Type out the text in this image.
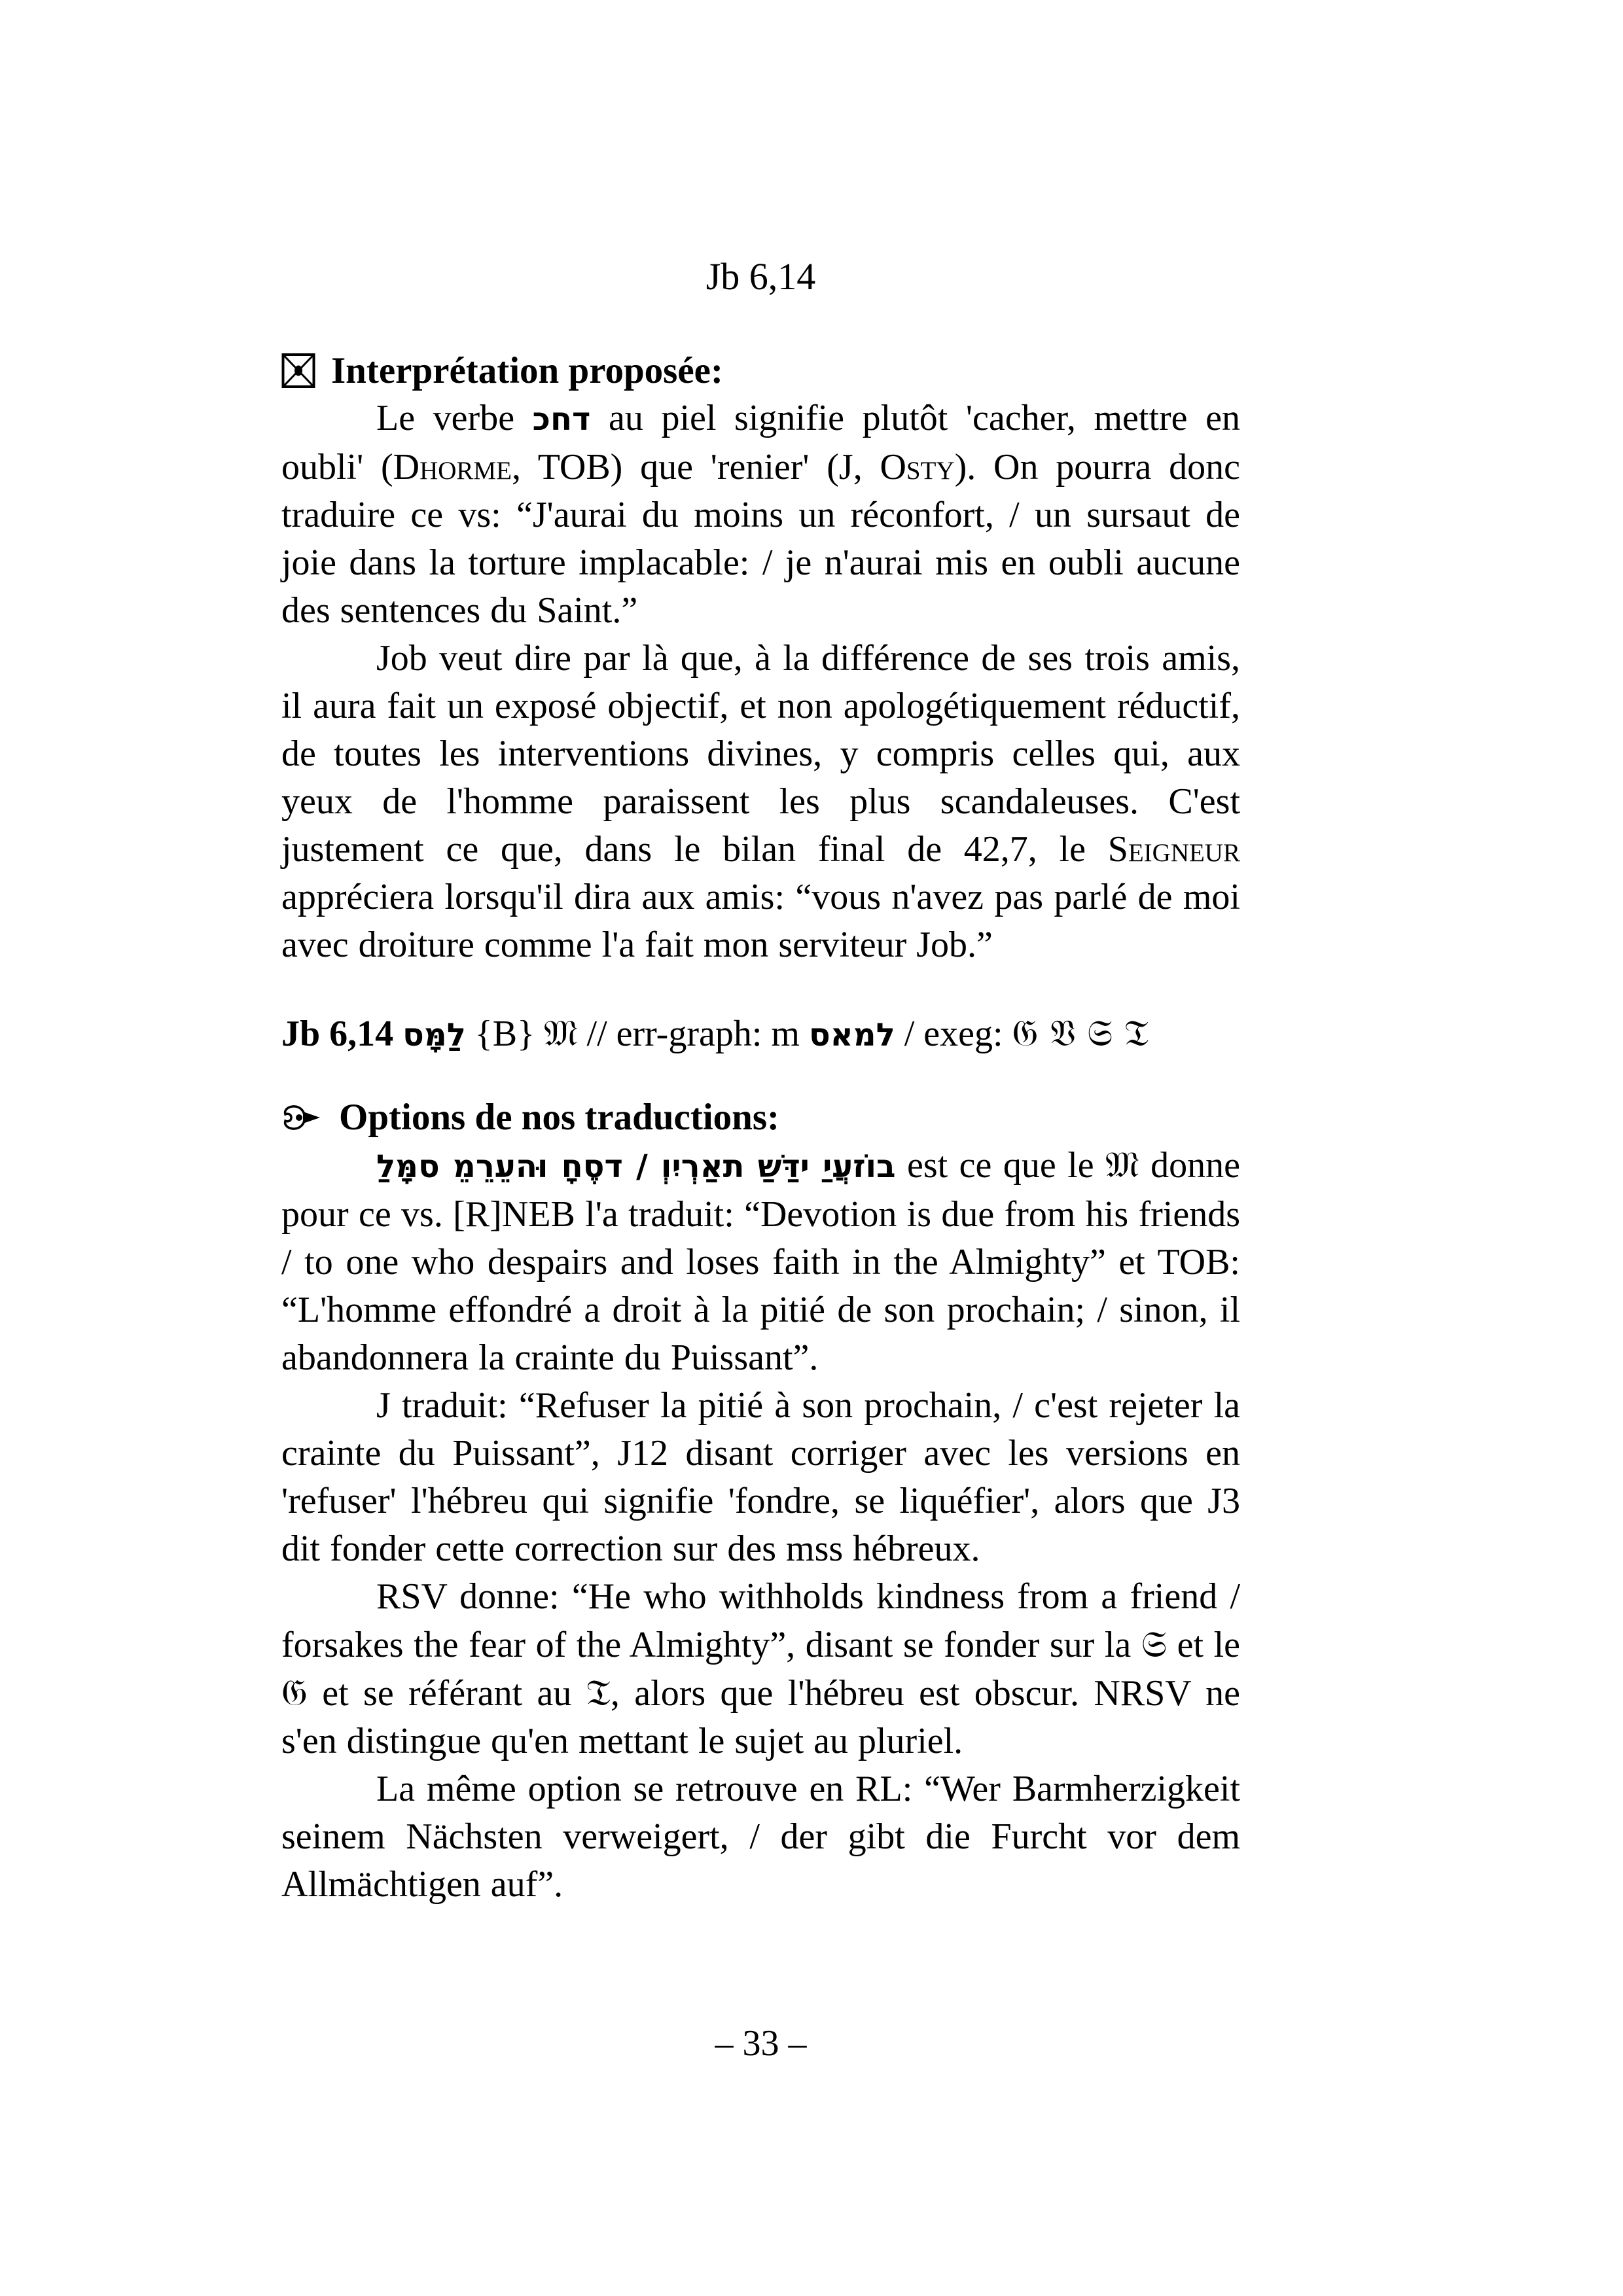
Jb 6,14
Interprétation proposée:

Le verbe כחד au piel signifie plutôt 'cacher, mettre en oubli' (Dhorme, TOB) que 'renier' (J, Osty). On pourra donc traduire ce vs: “J'aurai du moins un réconfort, / un sursaut de joie dans la torture implacable: / je n'aurai mis en oubli aucune des sentences du Saint.”

Job veut dire par là que, à la différence de ses trois amis, il aura fait un exposé objectif, et non apologétiquement réductif, de toutes les interventions divines, y compris celles qui, aux yeux de l'homme paraissent les plus scandaleuses. C'est justement ce que, dans le bilan final de 42,7, le Seigneur appréciera lorsqu'il dira aux amis: “vous n'avez pas parlé de moi avec droiture comme l'a fait mon serviteur Job.”

Jb 6,14 לַמָּס {B} 𝔐 // err-graph: m למאס / exeg: 𝔊 𝔙 𝔖 𝔗

Options de nos traductions:

לַמָּס מֵרֵעֵהוּ חָסֶד / וְיִרְאַת שַׁדַּי יַעֲזוֹב est ce que le 𝔐 donne pour ce vs. [R]NEB l'a traduit: “Devotion is due from his friends / to one who despairs and loses faith in the Almighty” et TOB: “L'homme effondré a droit à la pitié de son prochain; / sinon, il abandonnera la crainte du Puissant”.

J traduit: “Refuser la pitié à son prochain, / c'est rejeter la crainte du Puissant”, J12 disant corriger avec les versions en 'refuser' l'hébreu qui signifie 'fondre, se liquéfier', alors que J3 dit fonder cette correction sur des mss hébreux.

RSV donne: “He who withholds kindness from a friend / forsakes the fear of the Almighty”, disant se fonder sur la 𝔖 et le 𝔊 et se référant au 𝔗, alors que l'hébreu est obscur. NRSV ne s'en distingue qu'en mettant le sujet au pluriel.

La même option se retrouve en RL: “Wer Barmherzigkeit seinem Nächsten verweigert, / der gibt die Furcht vor dem Allmächtigen auf”.

– 33 –
